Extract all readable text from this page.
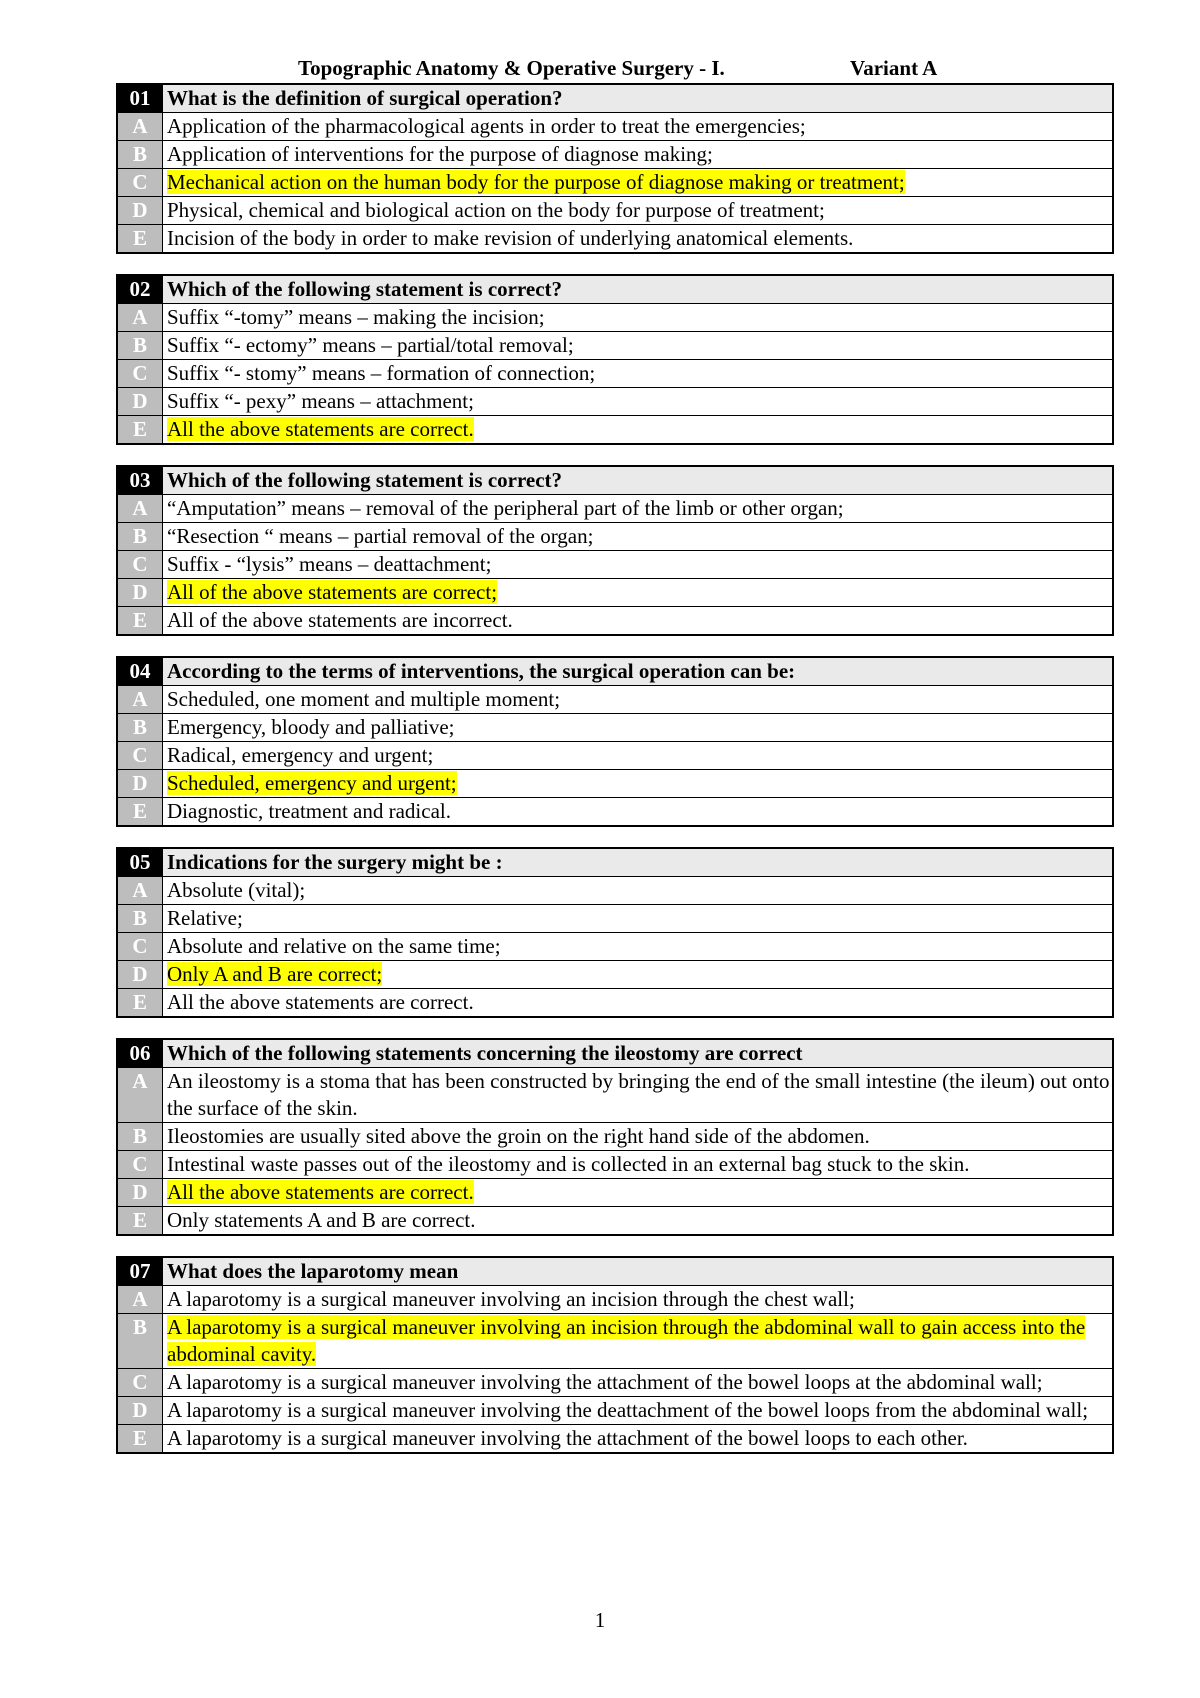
Topographic Anatomy & Operative Surgery - I.	Variant A
01	What is the definition of surgical operation?
A	Application of the pharmacological agents in order to treat the emergencies;
B	Application of interventions for the purpose of diagnose making;
C	Mechanical action on the human body for the purpose of diagnose making or treatment;
D	Physical, chemical and biological action on the body for purpose of treatment;
E	Incision of the body in order to make revision of underlying anatomical elements.
02	Which of the following statement is correct?
A	Suffix “-tomy” means – making the incision;
B	Suffix “- ectomy” means – partial/total removal;
C	Suffix “- stomy” means – formation of connection;
D	Suffix “- pexy” means – attachment;
E	All the above statements are correct.
03	Which of the following statement is correct?
A	“Amputation” means – removal of the peripheral part of the limb or other organ;
B	“Resection “ means – partial removal of the organ;
C	Suffix - “lysis” means – deattachment;
D	All of the above statements are correct;
E	All of the above statements are incorrect.
04	According to the terms of interventions, the surgical operation can be:
A	Scheduled, one moment and multiple moment;
B	Emergency, bloody and palliative;
C	Radical, emergency and urgent;
D	Scheduled, emergency and urgent;
E	Diagnostic, treatment and radical.
05	Indications for the surgery might be :
A	Absolute (vital);
B	Relative;
C	Absolute and relative on the same time;
D	Only A and B are correct;
E	All the above statements are correct.
06	Which of the following statements concerning the ileostomy are correct
A	An ileostomy is a stoma that has been constructed by bringing the end of the small intestine (the ileum) out onto the surface of the skin.
B	Ileostomies are usually sited above the groin on the right hand side of the abdomen.
C	Intestinal waste passes out of the ileostomy and is collected in an external bag stuck to the skin.
D	All the above statements are correct.
E	Only statements A and B are correct.
07	What does the laparotomy mean
A	A laparotomy is a surgical maneuver involving an incision through the chest wall;
B	A laparotomy is a surgical maneuver involving an incision through the abdominal wall to gain access into the abdominal cavity.
C	A laparotomy is a surgical maneuver involving the attachment of the bowel loops at the abdominal wall;
D	A laparotomy is a surgical maneuver involving the deattachment of the bowel loops from the abdominal wall;
E	A laparotomy is a surgical maneuver involving the attachment of the bowel loops to each other.
1
